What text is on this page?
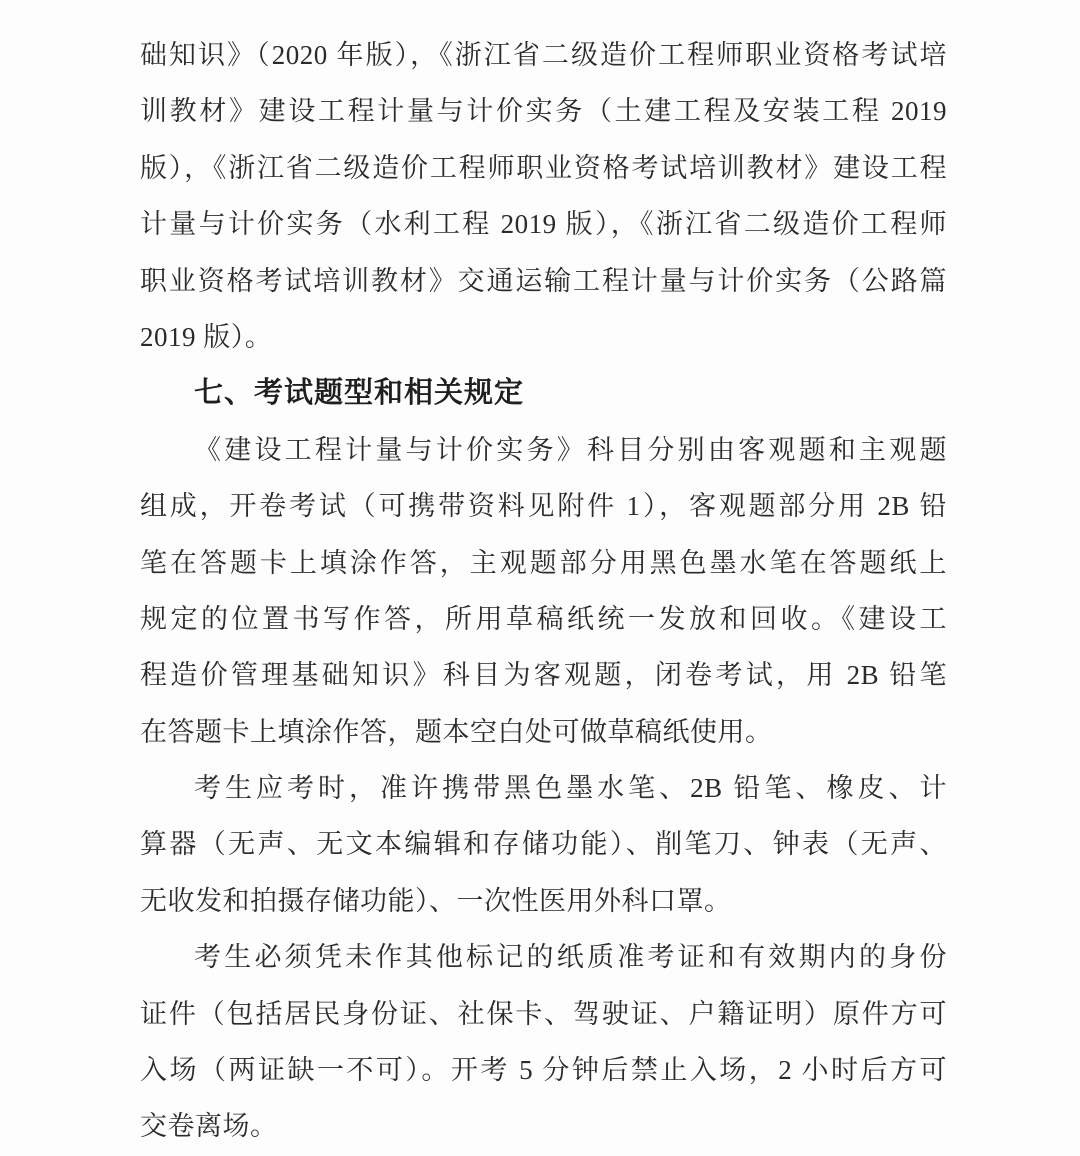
础知识》（2020 年版），《浙江省二级造价工程师职业资格考试培
训教材》建设工程计量与计价实务（土建工程及安装工程 2019
版），《浙江省二级造价工程师职业资格考试培训教材》建设工程
计量与计价实务（水利工程 2019 版），《浙江省二级造价工程师
职业资格考试培训教材》交通运输工程计量与计价实务（公路篇
2019 版）。
七、考试题型和相关规定
《建设工程计量与计价实务》科目分别由客观题和主观题
组成，开卷考试（可携带资料见附件 1），客观题部分用 2B 铅
笔在答题卡上填涂作答，主观题部分用黑色墨水笔在答题纸上
规定的位置书写作答，所用草稿纸统一发放和回收。《建设工
程造价管理基础知识》科目为客观题，闭卷考试，用 2B 铅笔
在答题卡上填涂作答，题本空白处可做草稿纸使用。
考生应考时，准许携带黑色墨水笔、2B 铅笔、橡皮、计
算器（无声、无文本编辑和存储功能）、削笔刀、钟表（无声、
无收发和拍摄存储功能）、一次性医用外科口罩。
考生必须凭未作其他标记的纸质准考证和有效期内的身份
证件（包括居民身份证、社保卡、驾驶证、户籍证明）原件方可
入场（两证缺一不可）。开考 5 分钟后禁止入场，2 小时后方可
交卷离场。
